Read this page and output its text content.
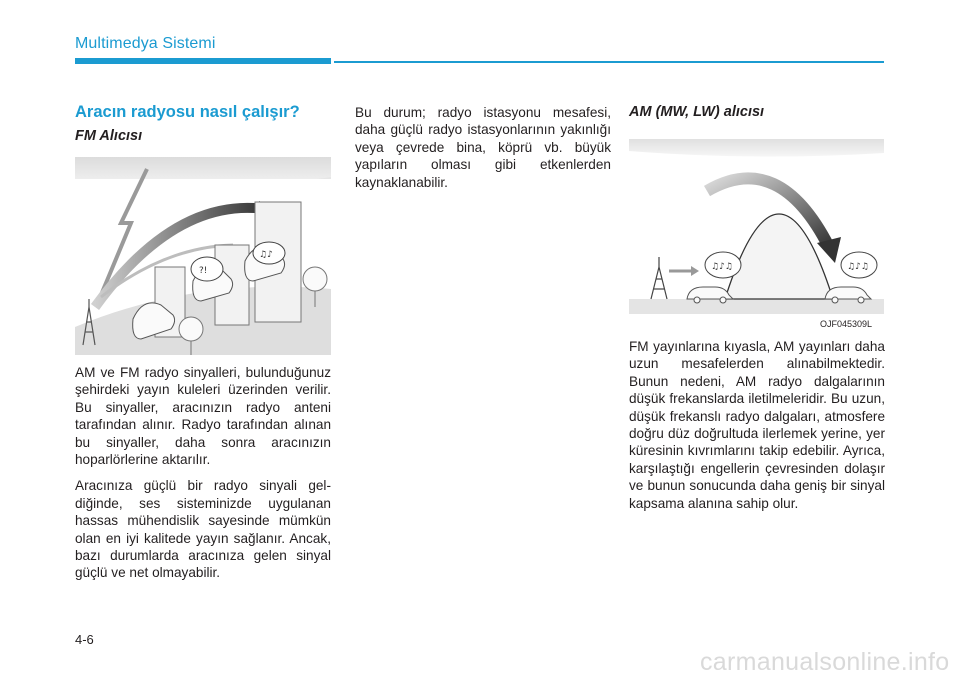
Multimedya Sistemi
Aracın radyosu nasıl çalışır?
FM Alıcısı
?!
♫♪

AM ve FM radyo sinyalleri, bulunduğunuz şehirdeki yayın kuleleri üzerinden verilir. Bu sinyaller, aracınızın radyo anteni tarafından alınır. Radyo tarafından alınan bu sinyaller, daha sonra aracınızın hoparlörlerine aktarılır.

Aracınıza güçlü bir radyo sinyali geldiğinde, ses sisteminizde uygulanan hassas mühendislik sayesinde mümkün olan en iyi kalitede yayın sağlanır. Ancak, bazı durumlarda aracınıza gelen sinyal güçlü ve net olmayabilir.

Bu durum; radyo istasyonu mesafesi, daha güçlü radyo istasyonlarının yakınlığı veya çevrede bina, köprü vb. büyük yapıların olması gibi etkenlerden kaynaklanabilir.

AM (MW, LW) alıcısı
♫♪♫	♫♪♫
OJF045309L

FM yayınlarına kıyasla, AM yayınları daha uzun mesafelerden alınabilmektedir. Bunun nedeni, AM radyo dalgalarının düşük frekanslarda iletilmeleridir. Bu uzun, düşük frekanslı radyo dalgaları, atmosfere doğru düz doğrultuda ilerlemek yerine, yer küresinin kıvrımlarını takip edebilir. Ayrıca, karşılaştığı engellerin çevresinden dolaşır ve bunun sonucunda daha geniş bir sinyal kapsama alanına sahip olur.

4-6
carmanualsonline.info
